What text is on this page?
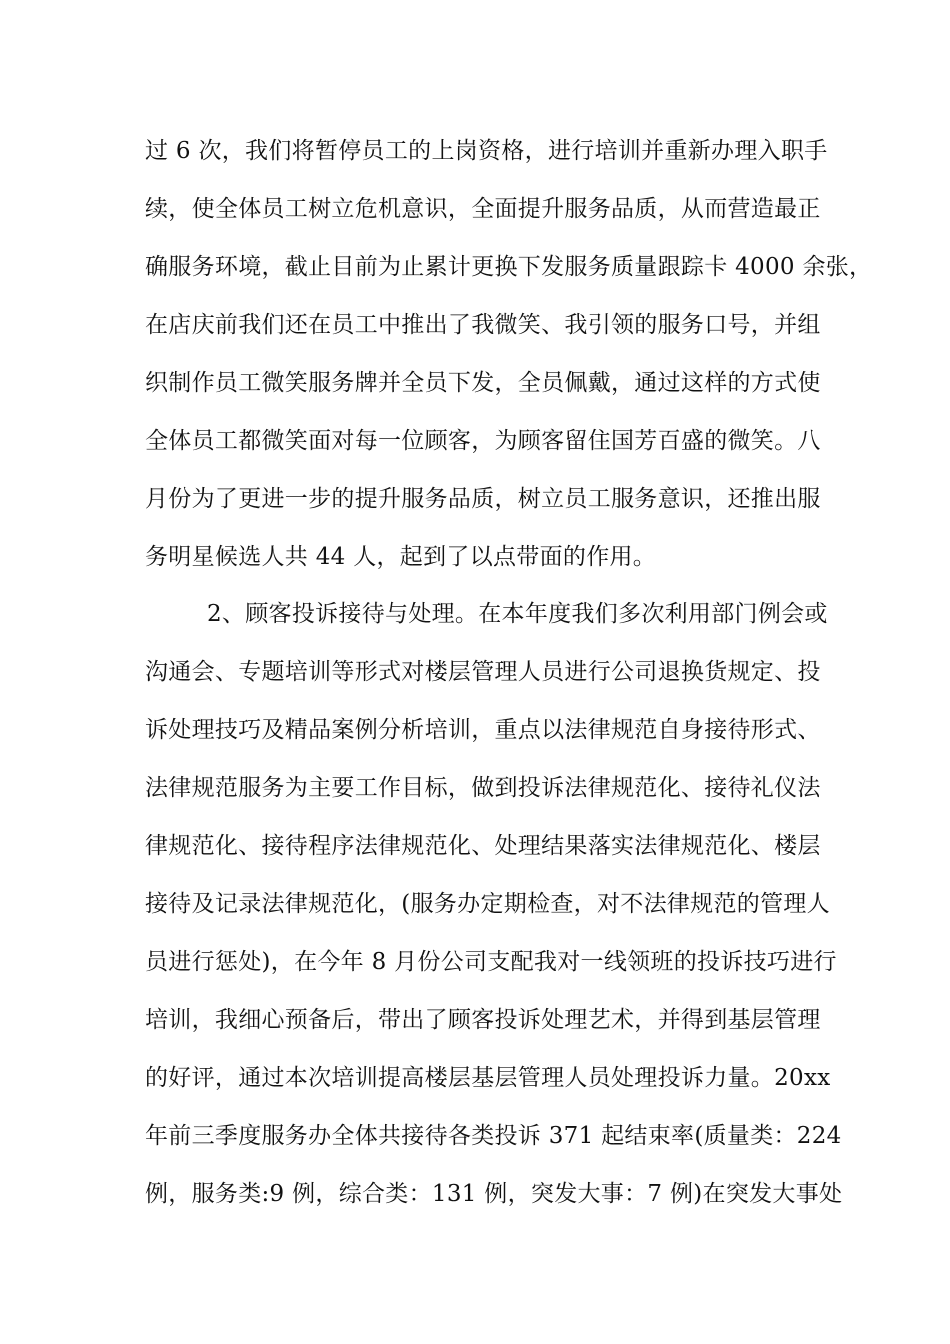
过 6 次，我们将暂停员工的上岗资格，进行培训并重新办理入职手
续，使全体员工树立危机意识，全面提升服务品质，从而营造最正
确服务环境，截止目前为止累计更换下发服务质量跟踪卡 4000 余张，
在店庆前我们还在员工中推出了我微笑、我引领的服务口号，并组
织制作员工微笑服务牌并全员下发，全员佩戴，通过这样的方式使
全体员工都微笑面对每一位顾客，为顾客留住国芳百盛的微笑。八
月份为了更进一步的提升服务品质，树立员工服务意识，还推出服
务明星候选人共 44 人，起到了以点带面的作用。
2、顾客投诉接待与处理。在本年度我们多次利用部门例会或
沟通会、专题培训等形式对楼层管理人员进行公司退换货规定、投
诉处理技巧及精品案例分析培训，重点以法律规范自身接待形式、
法律规范服务为主要工作目标，做到投诉法律规范化、接待礼仪法
律规范化、接待程序法律规范化、处理结果落实法律规范化、楼层
接待及记录法律规范化，(服务办定期检查，对不法律规范的管理人
员进行惩处)，在今年 8 月份公司支配我对一线领班的投诉技巧进行
培训，我细心预备后，带出了顾客投诉处理艺术，并得到基层管理
的好评，通过本次培训提高楼层基层管理人员处理投诉力量。20xx
年前三季度服务办全体共接待各类投诉 371 起结束率(质量类：224
例，服务类:9 例，综合类：131 例，突发大事：7 例)在突发大事处
